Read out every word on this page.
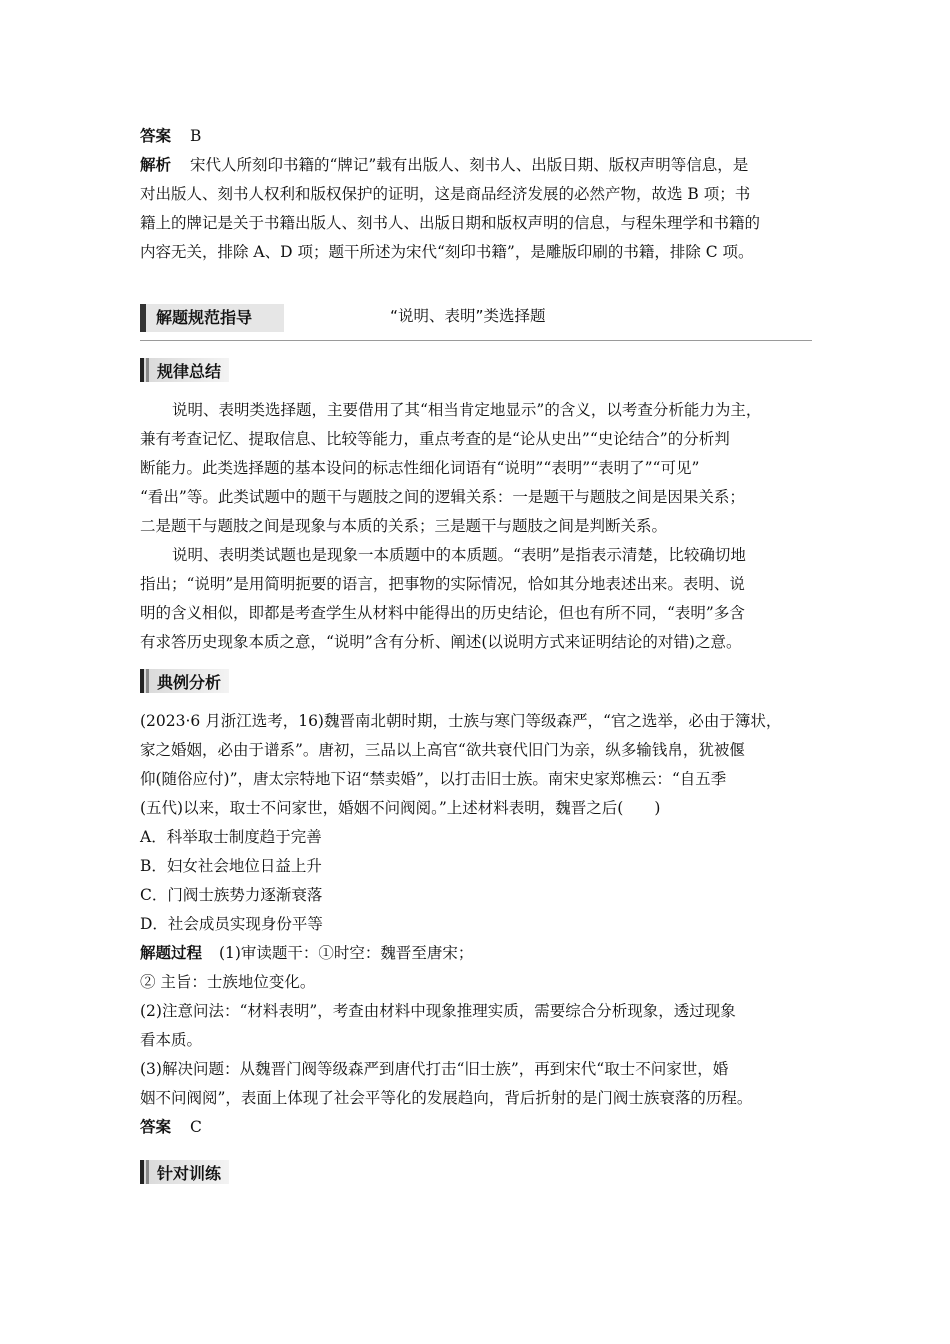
答案 B
解析 宋代人所刻印书籍的“牌记”载有出版人、刻书人、出版日期、版权声明等信息，是
对出版人、刻书人权利和版权保护的证明，这是商品经济发展的必然产物，故选 B 项；书
籍上的牌记是关于书籍出版人、刻书人、出版日期和版权声明的信息，与程朱理学和书籍的
内容无关，排除 A、D 项；题干所述为宋代“刻印书籍”，是雕版印刷的书籍，排除 C 项。
解题规范指导	“说明、表明”类选择题
规律总结
说明、表明类选择题，主要借用了其“相当肯定地显示”的含义，以考查分析能力为主，
兼有考查记忆、提取信息、比较等能力，重点考查的是“论从史出”“史论结合”的分析判
断能力。此类选择题的基本设问的标志性细化词语有“说明”“表明”“表明了”“可见”
“看出”等。此类试题中的题干与题肢之间的逻辑关系：一是题干与题肢之间是因果关系；
二是题干与题肢之间是现象与本质的关系；三是题干与题肢之间是判断关系。
说明、表明类试题也是现象一本质题中的本质题。“表明”是指表示清楚，比较确切地
指出；“说明”是用简明扼要的语言，把事物的实际情况，恰如其分地表述出来。表明、说
明的含义相似，即都是考查学生从材料中能得出的历史结论，但也有所不同，“表明”多含
有求答历史现象本质之意，“说明”含有分析、阐述(以说明方式来证明结论的对错)之意。
典例分析
(2023·6 月浙江选考，16)魏晋南北朝时期，士族与寒门等级森严，“官之选举，必由于簿状，
家之婚姻，必由于谱系”。唐初，三品以上高官“欲共衰代旧门为亲，纵多输钱帛，犹被偃
仰(随俗应付)”，唐太宗特地下诏“禁卖婚”，以打击旧士族。南宋史家郑樵云：“自五季
(五代)以来，取士不问家世，婚姻不问阀阅。”上述材料表明，魏晋之后(　　)
A．科举取士制度趋于完善
B．妇女社会地位日益上升
C．门阀士族势力逐渐衰落
D．社会成员实现身份平等
解题过程 (1)审读题干：①时空：魏晋至唐宋；
② 主旨：士族地位变化。
(2)注意问法：“材料表明”，考查由材料中现象推理实质，需要综合分析现象，透过现象
看本质。
(3)解决问题：从魏晋门阀等级森严到唐代打击“旧士族”，再到宋代“取士不问家世，婚
姻不问阀阅”，表面上体现了社会平等化的发展趋向，背后折射的是门阀士族衰落的历程。
答案 C
针对训练
